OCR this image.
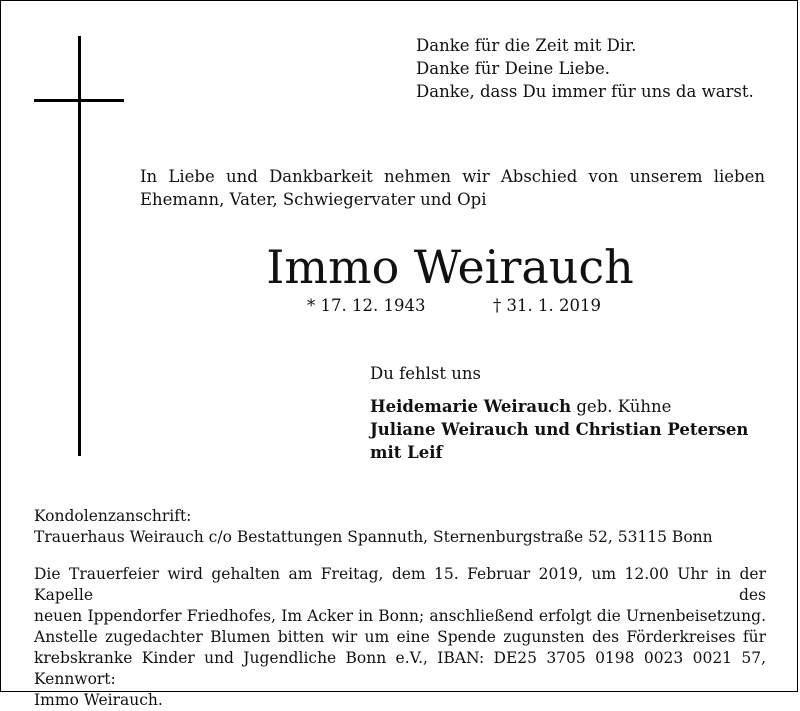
Danke für die Zeit mit Dir.
Danke für Deine Liebe.
Danke, dass Du immer für uns da warst.
In Liebe und Dankbarkeit nehmen wir Abschied von unserem lieben
Ehemann, Vater, Schwiegervater und Opi
Immo Weirauch
* 17. 12. 1943	† 31. 1. 2019
Du fehlst uns
Heidemarie Weirauch geb. Kühne
Juliane Weirauch und Christian Petersen
mit Leif
Kondolenzanschrift:
Trauerhaus Weirauch c/o Bestattungen Spannuth, Sternenburgstraße 52, 53115 Bonn
Die Trauerfeier wird gehalten am Freitag, dem 15. Februar 2019, um 12.00 Uhr in der Kapelle des
neuen Ippendorfer Friedhofes, Im Acker in Bonn; anschließend erfolgt die Urnenbeisetzung.
Anstelle zugedachter Blumen bitten wir um eine Spende zugunsten des Förderkreises für
krebskranke Kinder und Jugendliche Bonn e.V., IBAN: DE25 3705 0198 0023 0021 57, Kennwort:
Immo Weirauch.
